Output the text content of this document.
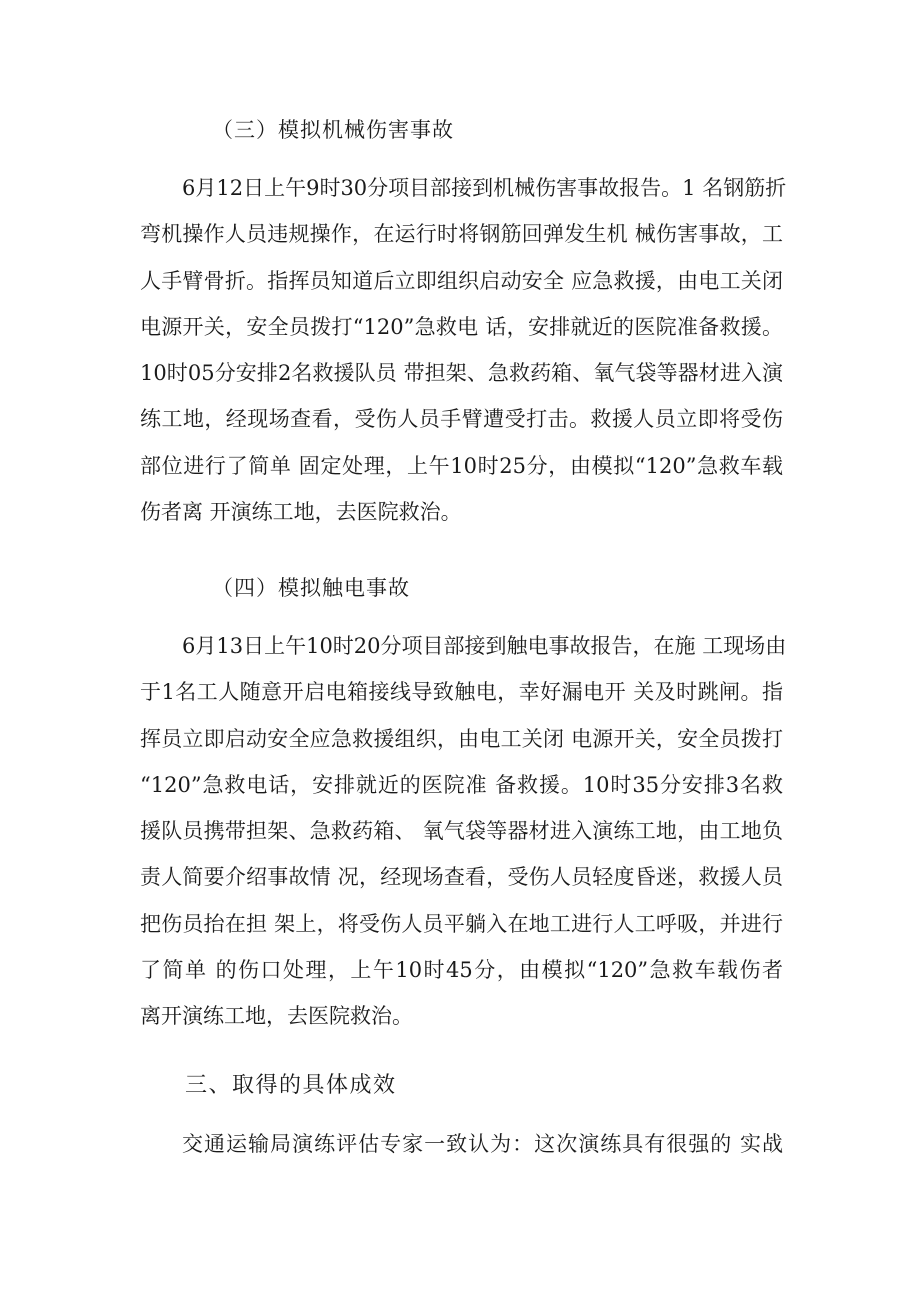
（三）模拟机械伤害事故
6月12日上午9时30分项目部接到机械伤害事故报告。1 名钢筋折
弯机操作人员违规操作，在运行时将钢筋回弹发生机 械伤害事故，工
人手臂骨折。指挥员知道后立即组织启动安全 应急救援，由电工关闭
电源开关，安全员拨打“120”急救电 话，安排就近的医院准备救援。
10时05分安排2名救援队员 带担架、急救药箱、氧气袋等器材进入演
练工地，经现场查看，受伤人员手臂遭受打击。救援人员立即将受伤
部位进行了简单 固定处理，上午10时25分，由模拟“120”急救车载
伤者离 开演练工地，去医院救治。
（四）模拟触电事故
6月13日上午10时20分项目部接到触电事故报告，在施 工现场由
于1名工人随意开启电箱接线导致触电，幸好漏电开 关及时跳闸。指
挥员立即启动安全应急救援组织，由电工关闭 电源开关，安全员拨打
“120”急救电话，安排就近的医院准 备救援。10时35分安排3名救
援队员携带担架、急救药箱、 氧气袋等器材进入演练工地，由工地负
责人简要介绍事故情 况，经现场查看，受伤人员轻度昏迷，救援人员
把伤员抬在担 架上，将受伤人员平躺入在地工进行人工呼吸，并进行
了简单 的伤口处理，上午10时45分，由模拟“120”急救车载伤者
离开演练工地，去医院救治。
三、取得的具体成效
交通运输局演练评估专家一致认为：这次演练具有很强的 实战
